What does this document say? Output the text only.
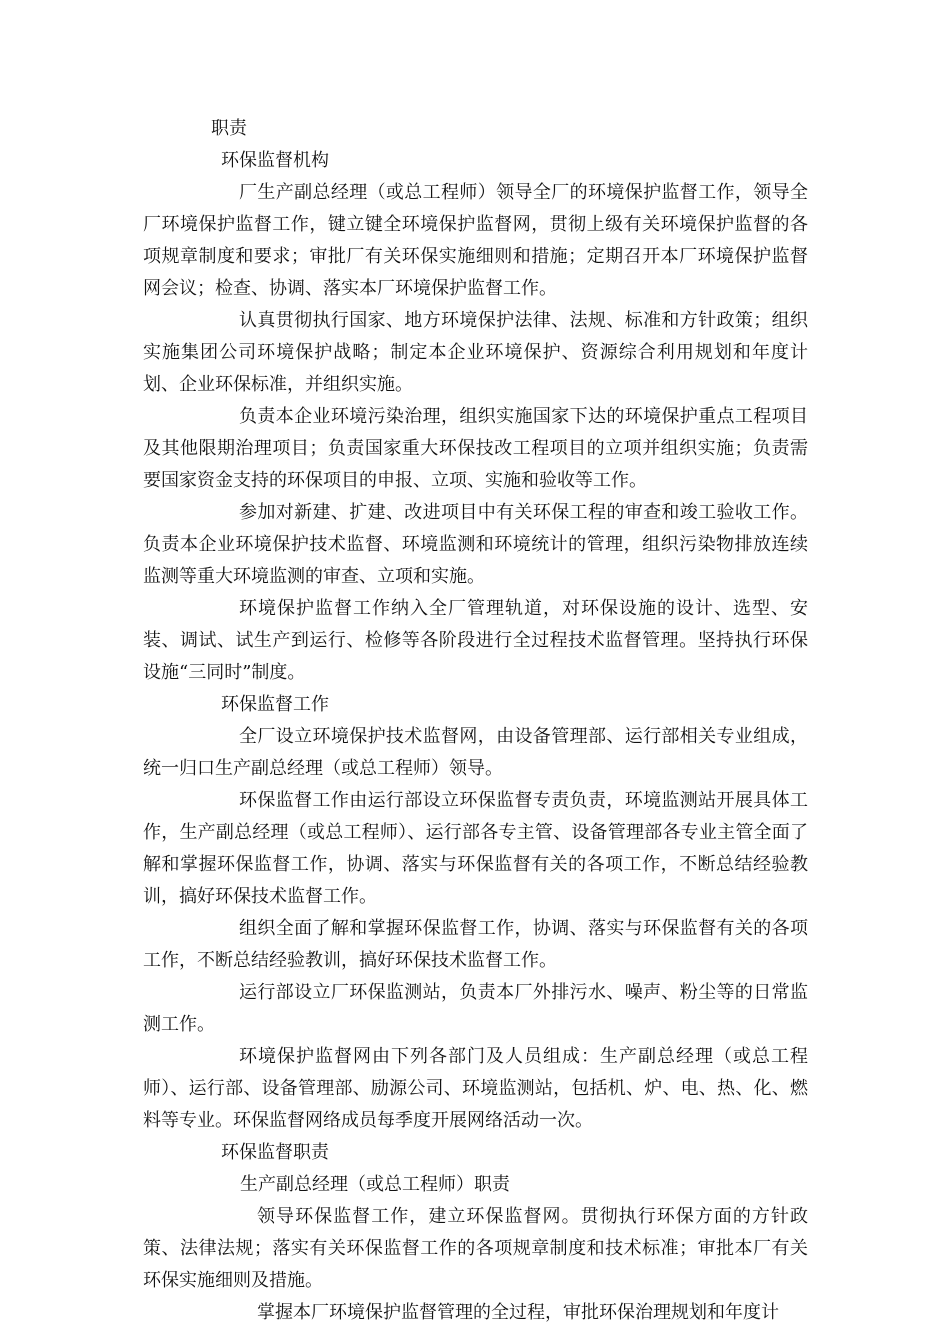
职责
环保监督机构

厂生产副总经理（或总工程师）领导全厂的环境保护监督工作，领导全厂环境保护监督工作，键立键全环境保护监督网，贯彻上级有关环境保护监督的各项规章制度和要求；审批厂有关环保实施细则和措施；定期召开本厂环境保护监督网会议；检查、协调、落实本厂环境保护监督工作。

认真贯彻执行国家、地方环境保护法律、法规、标准和方针政策；组织实施集团公司环境保护战略；制定本企业环境保护、资源综合利用规划和年度计划、企业环保标准，并组织实施。

负责本企业环境污染治理，组织实施国家下达的环境保护重点工程项目及其他限期治理项目；负责国家重大环保技改工程项目的立项并组织实施；负责需要国家资金支持的环保项目的申报、立项、实施和验收等工作。

参加对新建、扩建、改进项目中有关环保工程的审查和竣工验收工作。负责本企业环境保护技术监督、环境监测和环境统计的管理，组织污染物排放连续监测等重大环境监测的审查、立项和实施。

环境保护监督工作纳入全厂管理轨道，对环保设施的设计、选型、安装、调试、试生产到运行、检修等各阶段进行全过程技术监督管理。坚持执行环保设施“三同时”制度。

环保监督工作

全厂设立环境保护技术监督网，由设备管理部、运行部相关专业组成，统一归口生产副总经理（或总工程师）领导。

环保监督工作由运行部设立环保监督专责负责，环境监测站开展具体工作，生产副总经理（或总工程师）、运行部各专主管、设备管理部各专业主管全面了解和掌握环保监督工作，协调、落实与环保监督有关的各项工作，不断总结经验教训，搞好环保技术监督工作。

组织全面了解和掌握环保监督工作，协调、落实与环保监督有关的各项工作，不断总结经验教训，搞好环保技术监督工作。

运行部设立厂环保监测站，负责本厂外排污水、噪声、粉尘等的日常监测工作。

环境保护监督网由下列各部门及人员组成：生产副总经理（或总工程师）、运行部、设备管理部、励源公司、环境监测站，包括机、炉、电、热、化、燃料等专业。环保监督网络成员每季度开展网络活动一次。

环保监督职责
生产副总经理（或总工程师）职责

领导环保监督工作，建立环保监督网。贯彻执行环保方面的方针政策、法律法规；落实有关环保监督工作的各项规章制度和技术标准；审批本厂有关环保实施细则及措施。

掌握本厂环境保护监督管理的全过程，审批环保治理规划和年度计
